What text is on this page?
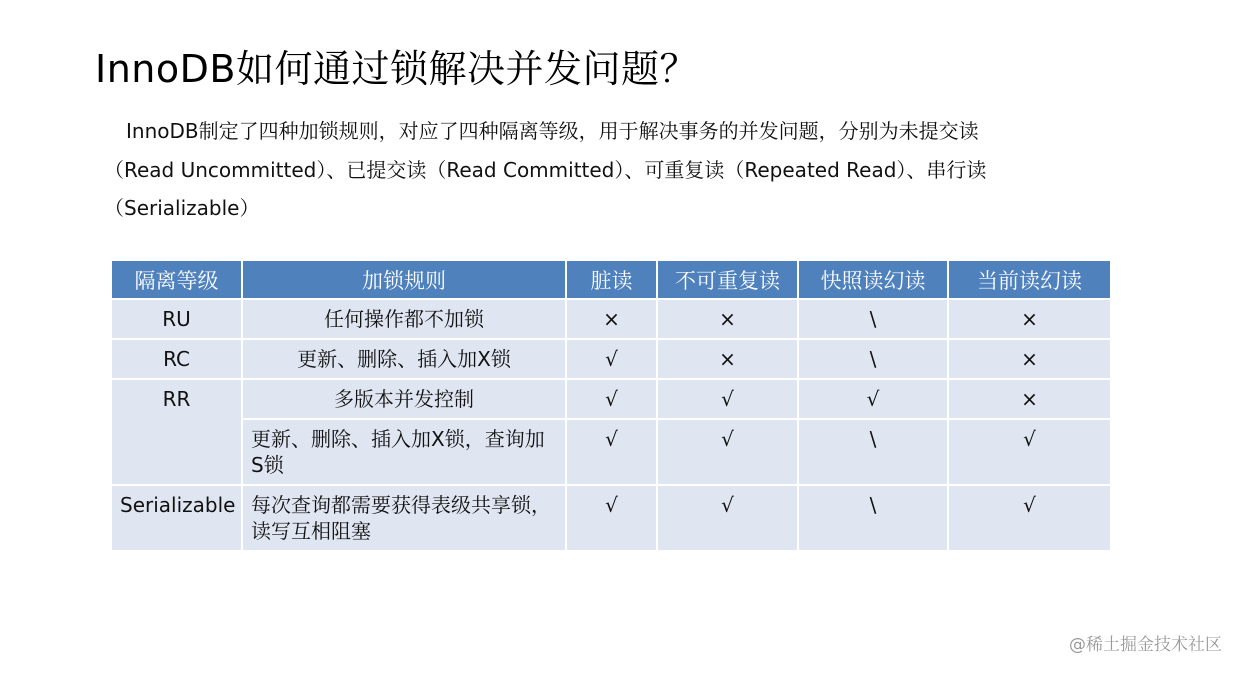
InnoDB如何通过锁解决并发问题？

InnoDB制定了四种加锁规则，对应了四种隔离等级，用于解决事务的并发问题，分别为未提交读

（Read Uncommitted）、已提交读（Read Committed）、可重复读（Repeated Read）、串行读

（Serializable）

隔离等级	加锁规则	脏读	不可重复读	快照读幻读	当前读幻读
RU	任何操作都不加锁	×	×	\	×
RC	更新、删除、插入加X锁	√	×	\	×
RR	多版本并发控制	√	√	√	×
	更新、删除、插入加X锁，查询加S锁	√	√	\	√
Serializable	每次查询都需要获得表级共享锁，读写互相阻塞	√	√	\	√
@稀土掘金技术社区
